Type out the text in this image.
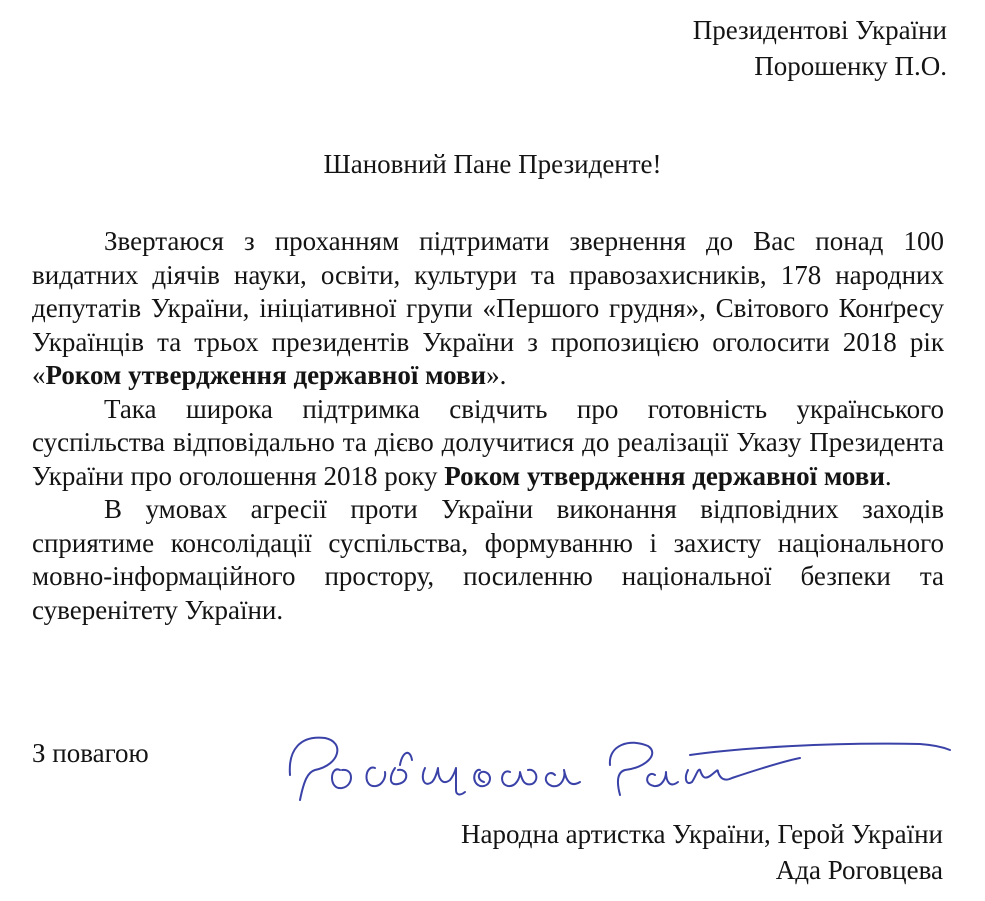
Президентові України
Порошенку П.О.
Шановний Пане Президенте!

Звертаюся з проханням підтримати звернення до Вас понад 100 видатних діячів науки, освіти, культури та правозахисників, 178 народних депутатів України, ініціативної групи «Першого грудня», Світового Конґресу Українців та трьох президентів України з пропозицією оголосити 2018 рік «Роком утвердження державної мови».

Така широка підтримка свідчить про готовність українського суспільства відповідально та дієво долучитися до реалізації Указу Президента України про оголошення 2018 року Роком утвердження державної мови.

В умовах агресії проти України виконання відповідних заходів сприятиме консолідації суспільства, формуванню і захисту національного мовно-інформаційного простору, посиленню національної безпеки та суверенітету України.

З повагою
Народна артистка України, Герой України
Ада Роговцева
